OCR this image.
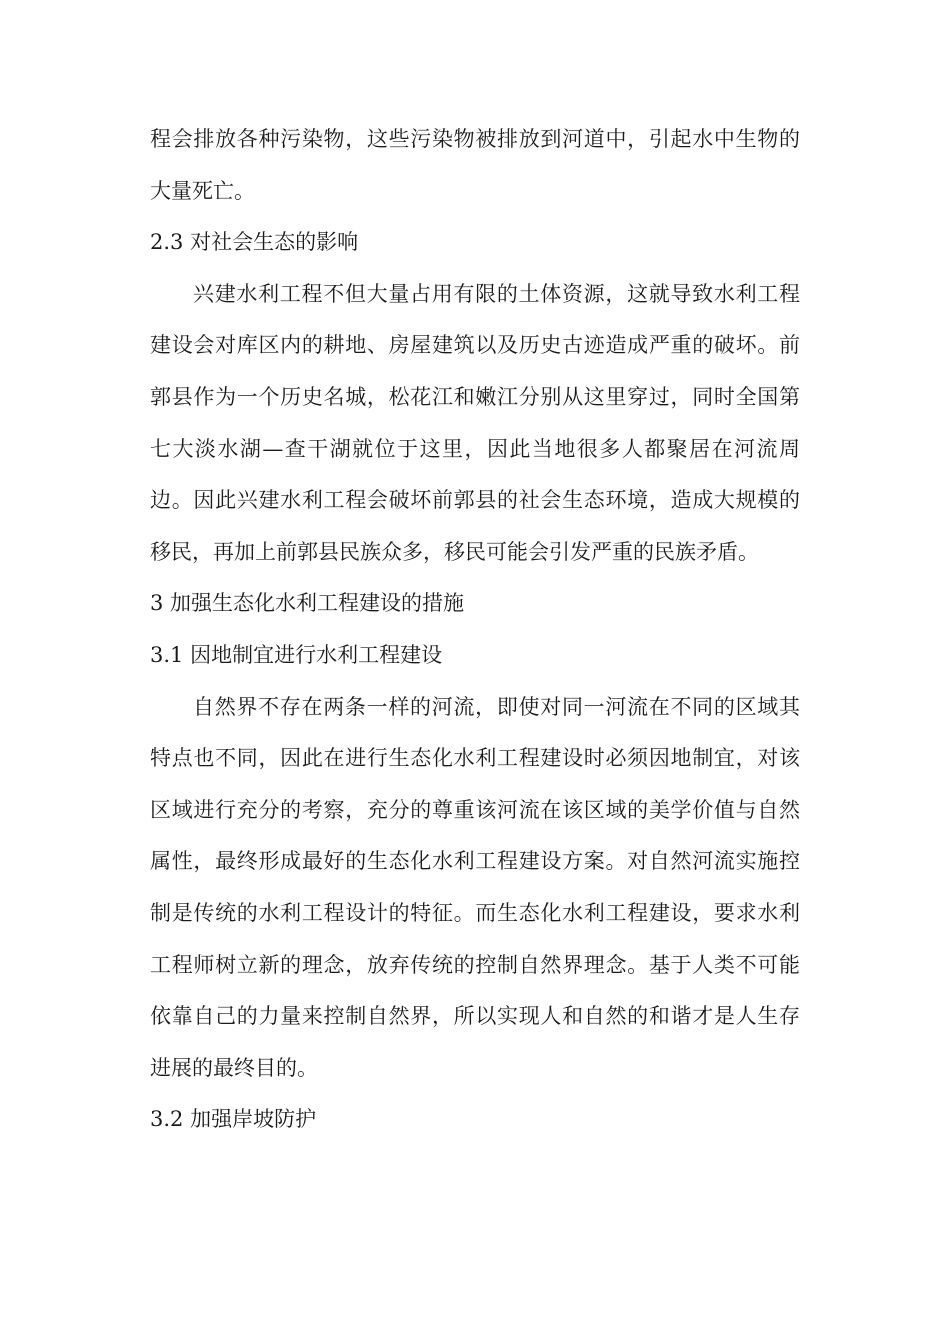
程会排放各种污染物，这些污染物被排放到河道中，引起水中生物的大量死亡。

2.3 对社会生态的影响

兴建水利工程不但大量占用有限的土体资源，这就导致水利工程建设会对库区内的耕地、房屋建筑以及历史古迹造成严重的破坏。前郭县作为一个历史名城，松花江和嫩江分别从这里穿过，同时全国第七大淡水湖—查干湖就位于这里，因此当地很多人都聚居在河流周边。因此兴建水利工程会破坏前郭县的社会生态环境，造成大规模的移民，再加上前郭县民族众多，移民可能会引发严重的民族矛盾。

3 加强生态化水利工程建设的措施

3.1 因地制宜进行水利工程建设

自然界不存在两条一样的河流，即使对同一河流在不同的区域其特点也不同，因此在进行生态化水利工程建设时必须因地制宜，对该区域进行充分的考察，充分的尊重该河流在该区域的美学价值与自然属性，最终形成最好的生态化水利工程建设方案。对自然河流实施控制是传统的水利工程设计的特征。而生态化水利工程建设，要求水利工程师树立新的理念，放弃传统的控制自然界理念。基于人类不可能依靠自己的力量来控制自然界，所以实现人和自然的和谐才是人生存进展的最终目的。

3.2 加强岸坡防护
